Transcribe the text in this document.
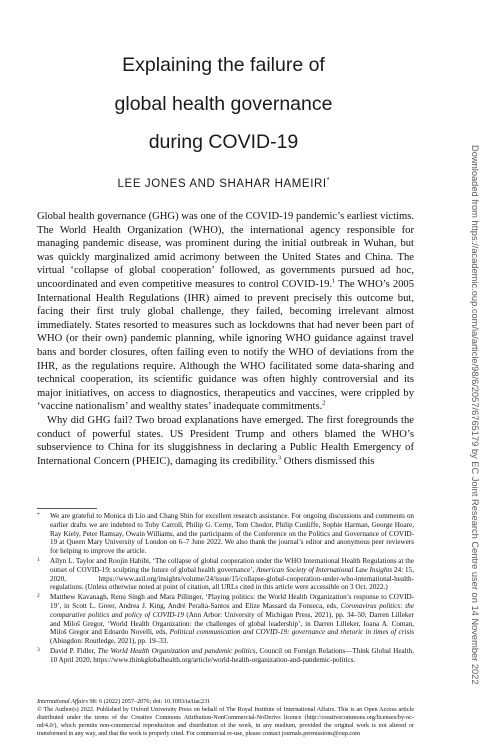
Explaining the failure of
global health governance
during COVID-19
LEE JONES AND SHAHAR HAMEIRI*

Global health governance (GHG) was one of the COVID-19 pandemic’s earliest victims. The World Health Organization (WHO), the international agency responsible for managing pandemic disease, was prominent during the initial outbreak in Wuhan, but was quickly marginalized amid acrimony between the United States and China. The virtual ‘collapse of global cooperation’ followed, as governments pursued ad hoc, uncoordinated and even competitive measures to control COVID-19.$^1$ The WHO’s 2005 International Health Regulations (IHR) aimed to prevent precisely this outcome but, facing their first truly global challenge, they failed, becoming irrelevant almost immediately. States resorted to measures such as lockdowns that had never been part of WHO (or their own) pandemic planning, while ignoring WHO guidance against travel bans and border closures, often failing even to notify the WHO of deviations from the IHR, as the regulations require. Although the WHO facilitated some data-sharing and technical cooperation, its scientific guidance was often highly controversial and its major initiatives, on access to diagnostics, therapeutics and vaccines, were crippled by ‘vaccine nationalism’ and wealthy states’ inadequate commitments.$^2$

Why did GHG fail? Two broad explanations have emerged. The first foregrounds the conduct of powerful states. US President Trump and others blamed the WHO’s subservience to China for its sluggishness in declaring a Public Health Emergency of International Concern (PHEIC), damaging its credibility.$^3$ Others dismissed this

*	We are grateful to Monica di Lio and Chang Shin for excellent research assistance. For ongoing discussions and comments on earlier drafts we are indebted to Toby Carroll, Philip G. Cerny, Tom Chodor, Philip Cunliffe, Sophie Harman, George Hoare, Ray Kiely, Peter Ramsay, Owain Williams, and the participants of the Conference on the Politics and Governance of COVID-19 at Queen Mary University of London on 6–7 June 2022. We also thank the journal’s editor and anonymous peer reviewers for helping to improve the article.
1	Allyn L. Taylor and Roojin Habibi, ‘The collapse of global cooperation under the WHO International Health Regulations at the outset of COVID-19: sculpting the future of global health governance’, American Society of International Law Insights 24: 15, 2020, https://www.asil.org/insights/volume/24/issue/15/collapse-global-cooperation-under-who-international-health-regulations. (Unless otherwise noted at point of citation, all URLs cited in this article were accessible on 3 Oct. 2022.)
2	Matthew Kavanagh, Renu Singh and Mara Pillinger, ‘Playing politics: the World Health Organization’s response to COVID-19’, in Scott L. Greer, Andrea J. King, André Peralta-Santos and Elize Massard da Fonseca, eds, Coronavirus politics: the comparative politics and policy of COVID-19 (Ann Arbor: University of Michigan Press, 2021), pp. 34–50; Darren Lilleker and Miloš Gregor, ‘World Health Organization: the challenges of global leadership’, in Darren Lilleker, Ioana A. Coman, Miloš Gregor and Edoardo Novelli, eds, Political communication and COVID-19: governance and rhetoric in times of crisis (Abingdon: Routledge, 2021), pp. 19–33.
3	David P. Fidler, The World Health Organization and pandemic politics, Council on Foreign Relations—Think Global Health, 10 April 2020, https://www.thinkglobalhealth.org/article/world-health-organization-and-pandemic-politics.

International Affairs 98: 6 (2022) 2057–2076; doi: 10.1093/ia/iiac231

© The Author(s) 2022. Published by Oxford University Press on behalf of The Royal Institute of International Affairs. This is an Open Access article distributed under the terms of the Creative Commons Attribution-NonCommercial-NoDerivs licence (http://creativecommons.org/licenses/by-nc-nd/4.0/), which permits non-commercial reproduction and distribution of the work, in any medium, provided the original work is not altered or transformed in any way, and that the work is properly cited. For commercial re-use, please contact journals.permissions@oup.com

Downloaded from https://academic.oup.com/ia/article/98/6/2057/6765179 by EC Joint Research Centre user on 14 November 2022
